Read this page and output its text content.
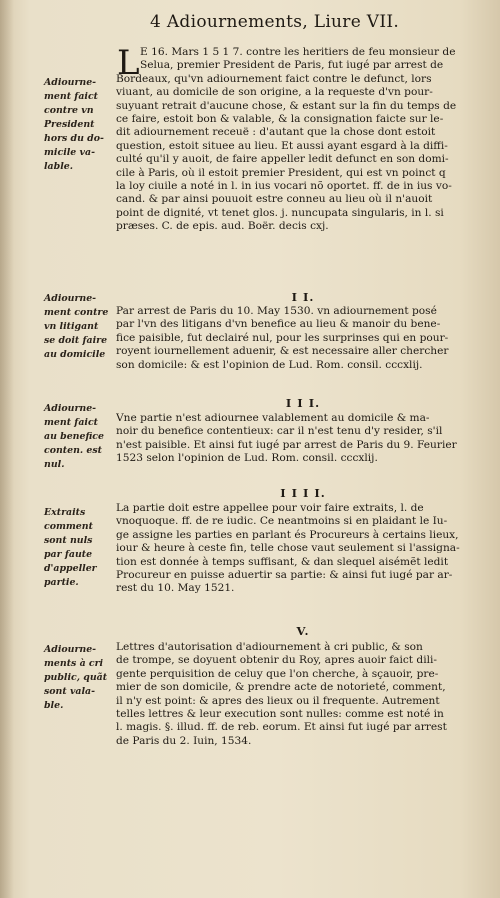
4 Adiournements, Liure VII.
L E 16. Mars 1 5 1 7. contre les heritiers de feu monsieur de
Selua, premier President de Paris, fut iugé par arrest de
Bordeaux, qu'vn adiournement faict contre le defunct, lors
viuant, au domicile de son origine, a la requeste d'vn pour-
suyuant retrait d'aucune chose, & estant sur la fin du temps de
ce faire, estoit bon & valable, & la consignation faicte sur le-
dit adiournement receuë : d'autant que la chose dont estoit
question, estoit situee au lieu. Et aussi ayant esgard à la diffi-
culté qu'il y auoit, de faire appeller ledit defunct en son domi-
cile à Paris, où il estoit premier President, qui est vn poinct q
la loy ciuile a noté in l. in ius vocari nõ oportet. ff. de in ius vo-
cand. & par ainsi pouuoit estre conneu au lieu où il n'auoit
point de dignité, vt tenet glos. j. nuncupata singularis, in l. si
præses. C. de epis. aud. Boër. decis cxj.
Adiourne-
ment faict
contre vn
President
hors du do-
micile va-
lable.
I I.
Par arrest de Paris du 10. May 1530. vn adiournement posé
par l'vn des litigans d'vn benefice au lieu & manoir du bene-
fice paisible, fut declairé nul, pour les surprinses qui en pour-
royent iournellement aduenir, & est necessaire aller chercher
son domicile: & est l'opinion de Lud. Rom. consil. cccxlij.
Adiourne-
ment contre
vn litigant
se doit faire
au domicile
I I I.
Vne partie n'est adiournee valablement au domicile & ma-
noir du benefice contentieux: car il n'est tenu d'y resider, s'il
n'est paisible. Et ainsi fut iugé par arrest de Paris du 9. Feurier
1523 selon l'opinion de Lud. Rom. consil. cccxlij.
Adiourne-
ment faict
au benefice
conten. est
nul.
I I I I.
La partie doit estre appellee pour voir faire extraits, l. de
vnoquoque. ff. de re iudic. Ce neantmoins si en plaidant le Iu-
ge assigne les parties en parlant és Procureurs à certains lieux,
iour & heure à ceste fin, telle chose vaut seulement si l'assigna-
tion est donnée à temps suffisant, & dan slequel aisémẽt ledit
Procureur en puisse aduertir sa partie: & ainsi fut iugé par ar-
rest du 10. May 1521.
Extraits
comment
sont nuls
par faute
d'appeller
partie.
V.
Lettres d'autorisation d'adiournement à cri public, & son
de trompe, se doyuent obtenir du Roy, apres auoir faict dili-
gente perquisition de celuy que l'on cherche, à sçauoir, pre-
mier de son domicile, & prendre acte de notorieté, comment,
il n'y est point: & apres des lieux ou il frequente. Autrement
telles lettres & leur execution sont nulles: comme est noté in
l. magis. §. illud. ff. de reb. eorum. Et ainsi fut iugé par arrest
de Paris du 2. Iuin, 1534.
Adiourne-
ments à cri
public, quãt
sont vala-
ble.
